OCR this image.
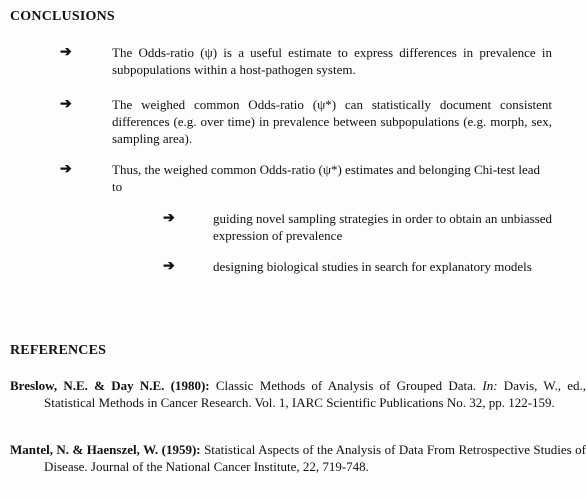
CONCLUSIONS
➔	The Odds-ratio (ψ) is a useful estimate to express differences in prevalence in subpopulations within a host-pathogen system.
➔	The weighed common Odds-ratio (ψ*) can statistically document consistent differences (e.g. over time) in prevalence between subpopulations (e.g. morph, sex, sampling area).
➔	Thus, the weighed common Odds-ratio (ψ*) estimates and belonging Chi-test lead to
➔	guiding novel sampling strategies in order to obtain an unbiassed expression of prevalence
➔	designing biological studies in search for explanatory models
REFERENCES
Breslow, N.E. & Day N.E. (1980): Classic Methods of Analysis of Grouped Data. In: Davis, W., ed., Statistical Methods in Cancer Research. Vol. 1, IARC Scientific Publications No. 32, pp. 122-159.
Mantel, N. & Haenszel, W. (1959): Statistical Aspects of the Analysis of Data From Retrospective Studies of Disease. Journal of the National Cancer Institute, 22, 719-748.
